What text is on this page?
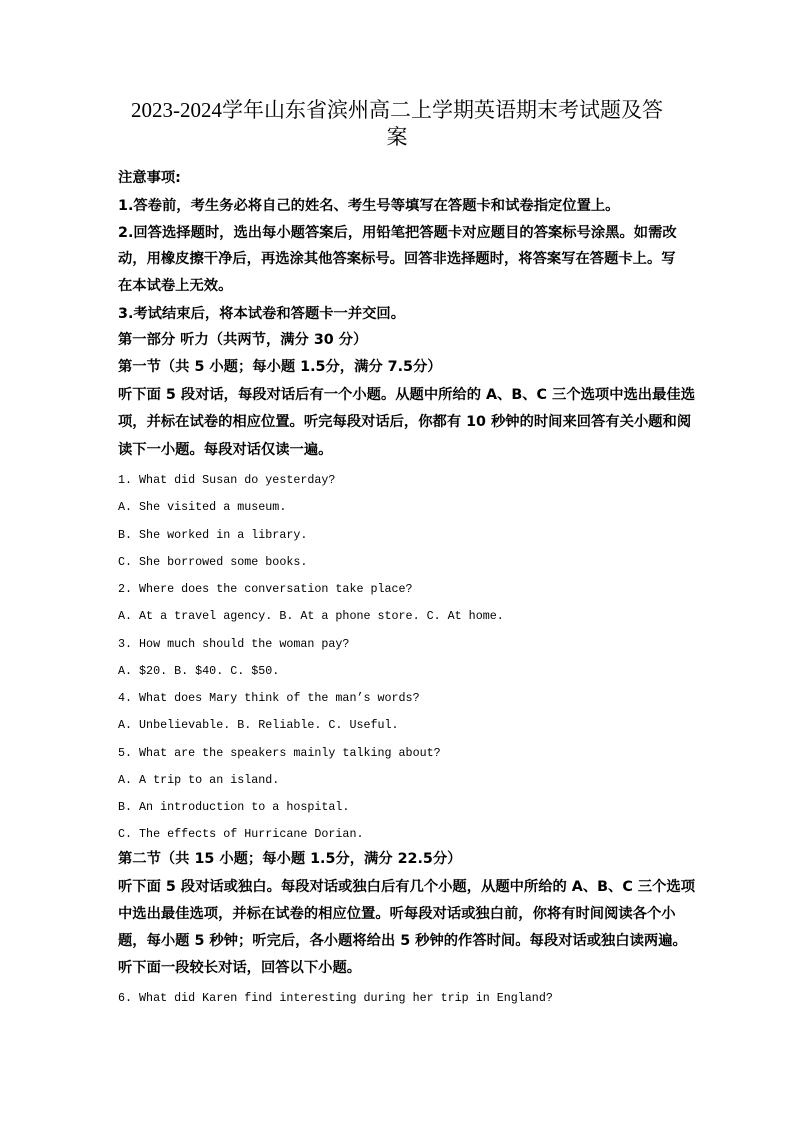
2023-2024学年山东省滨州高二上学期英语期末考试题及答
案
注意事项:
1.答卷前，考生务必将自己的姓名、考生号等填写在答题卡和试卷指定位置上。
2.回答选择题时，选出每小题答案后，用铅笔把答题卡对应题目的答案标号涂黑。如需改
动，用橡皮擦干净后，再选涂其他答案标号。回答非选择题时，将答案写在答题卡上。写
在本试卷上无效。
3.考试结束后，将本试卷和答题卡一并交回。
第一部分 听力（共两节，满分 30 分）
第一节（共 5 小题；每小题 1.5分，满分 7.5分）
听下面 5 段对话，每段对话后有一个小题。从题中所给的 A、B、C 三个选项中选出最佳选
项，并标在试卷的相应位置。听完每段对话后，你都有 10 秒钟的时间来回答有关小题和阅
读下一小题。每段对话仅读一遍。
1. What did Susan do yesterday?
A. She visited a museum.
B. She worked in a library.
C. She borrowed some books.
2. Where does the conversation take place?
A. At a travel agency. B. At a phone store. C. At home.
3. How much should the woman pay?
A. $20. B. $40. C. $50.
4. What does Mary think of the man’s words?
A. Unbelievable. B. Reliable. C. Useful.
5. What are the speakers mainly talking about?
A. A trip to an island.
B. An introduction to a hospital.
C. The effects of Hurricane Dorian.
第二节（共 15 小题；每小题 1.5分，满分 22.5分）
听下面 5 段对话或独白。每段对话或独白后有几个小题，从题中所给的 A、B、C 三个选项
中选出最佳选项，并标在试卷的相应位置。听每段对话或独白前，你将有时间阅读各个小
题，每小题 5 秒钟；听完后，各小题将给出 5 秒钟的作答时间。每段对话或独白读两遍。
听下面一段较长对话，回答以下小题。
6. What did Karen find interesting during her trip in England?
